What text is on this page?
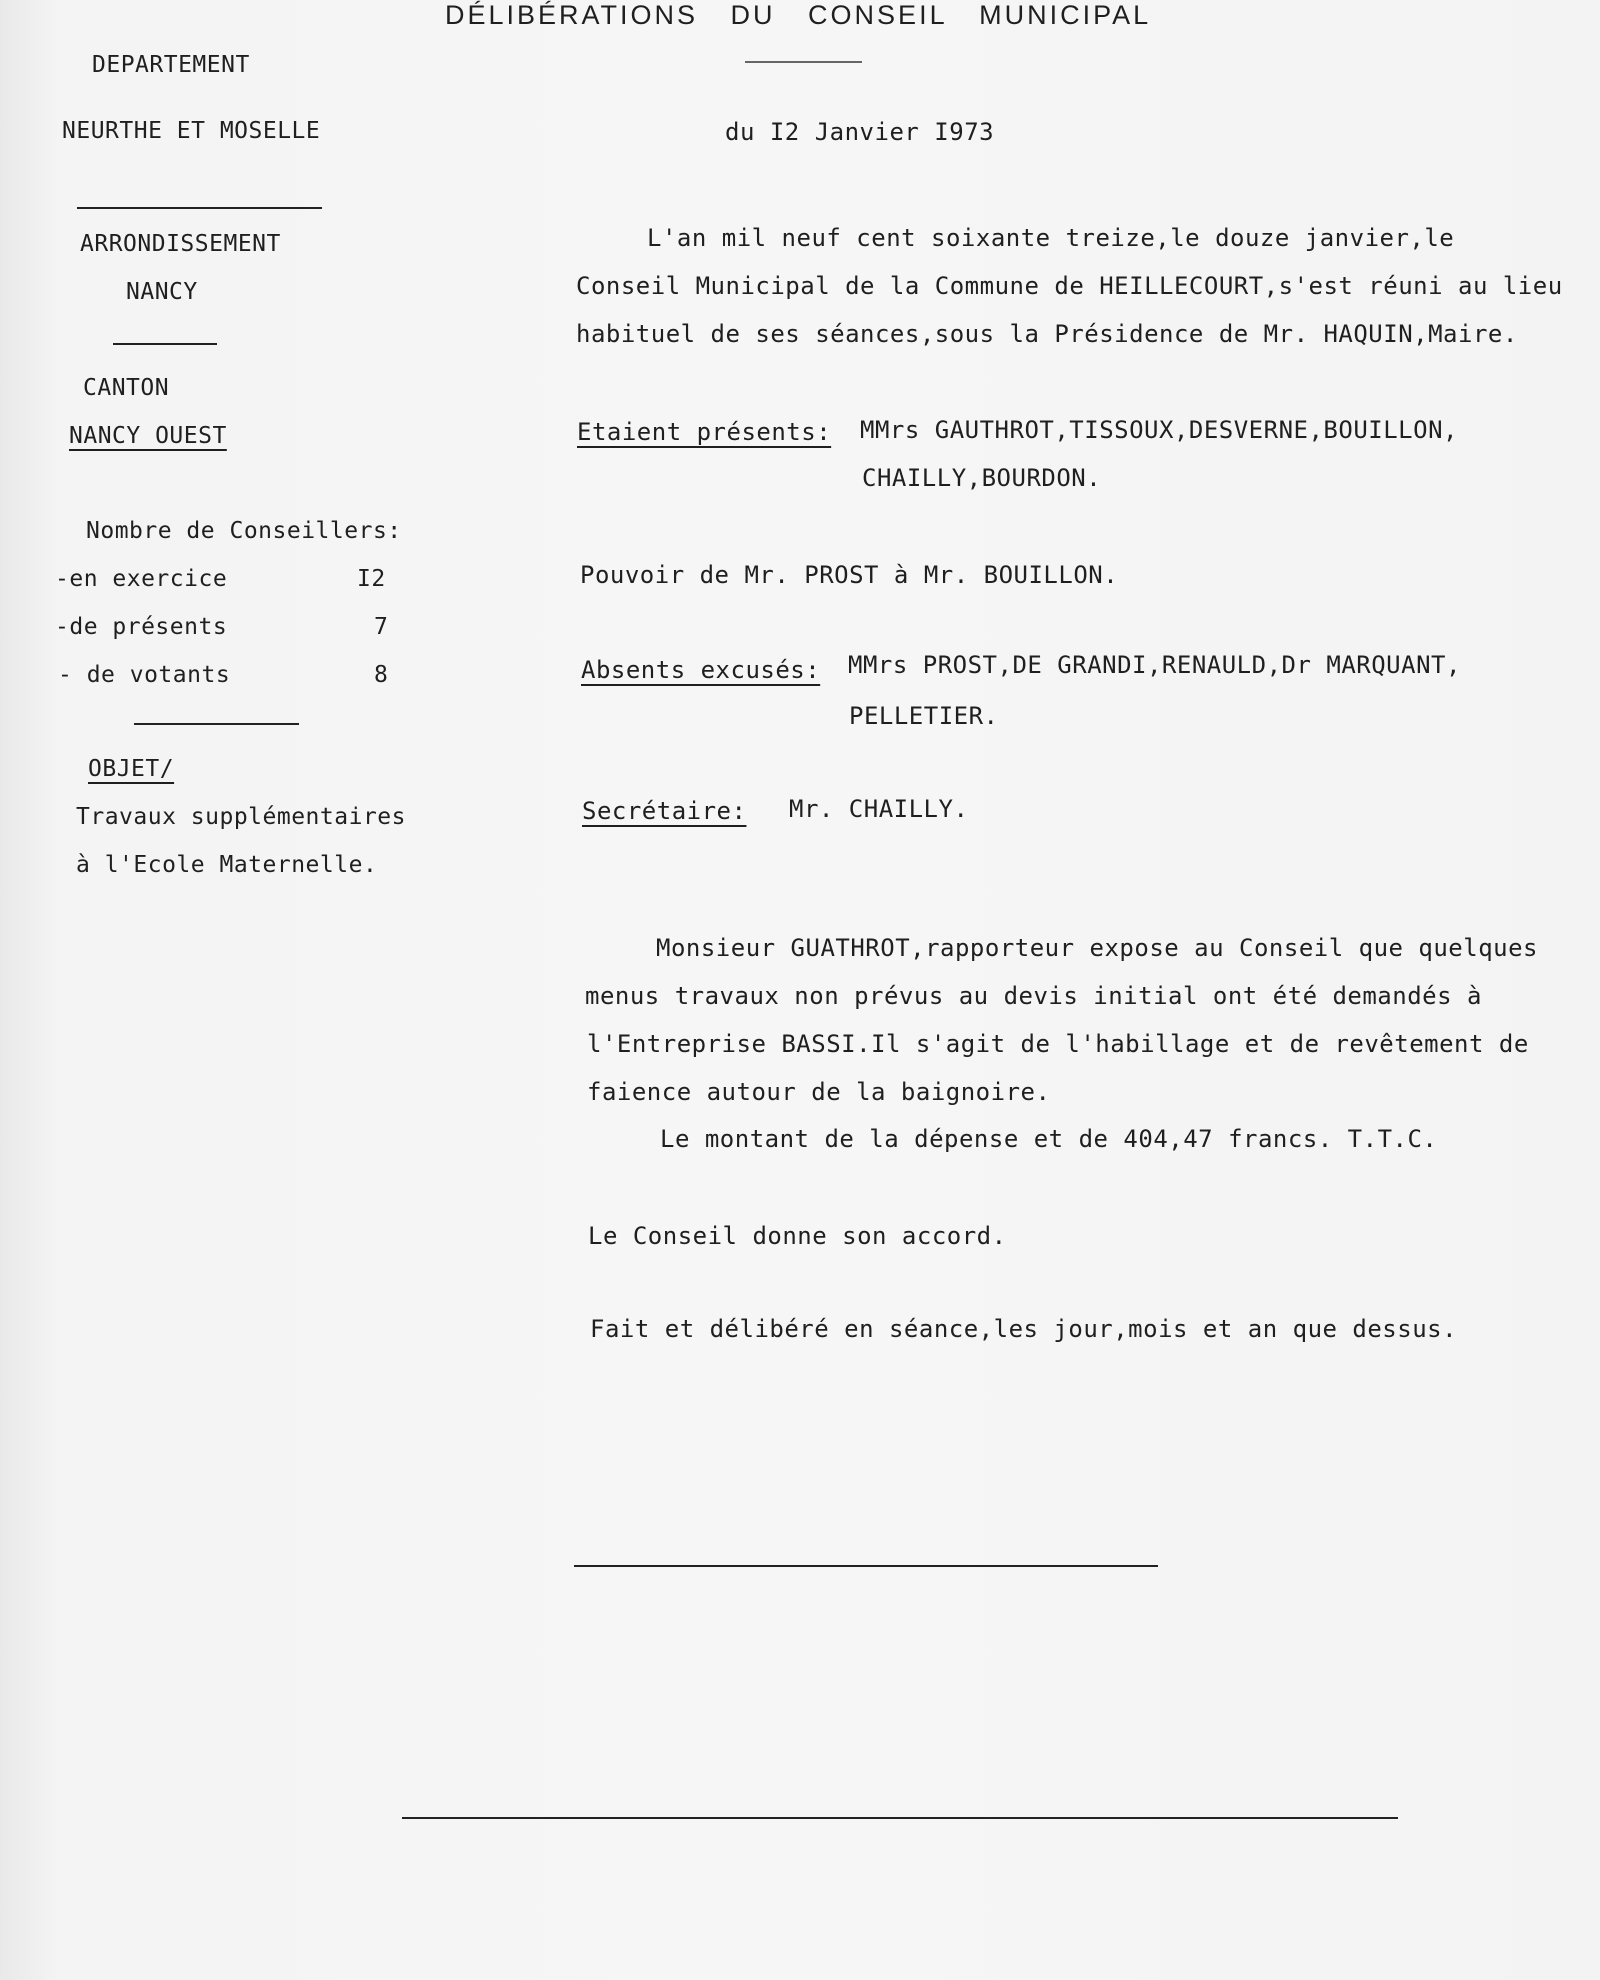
DÉLIBÉRATIONS DU CONSEIL MUNICIPAL
du I2 Janvier I973
DEPARTEMENT
NEURTHE ET MOSELLE
ARRONDISSEMENT
NANCY
CANTON
NANCY OUEST
Nombre de Conseillers:
-en exercice	I2
-de présents	7
- de votants	8
OBJET/
Travaux supplémentaires
à l'Ecole Maternelle.
L'an mil neuf cent soixante treize,le douze janvier,le
Conseil Municipal de la Commune de HEILLECOURT,s'est réuni au lieu
habituel de ses séances,sous la Présidence de Mr. HAQUIN,Maire.
Etaient présents: MMrs GAUTHROT,TISSOUX,DESVERNE,BOUILLON,
CHAILLY,BOURDON.
Pouvoir de Mr. PROST à Mr. BOUILLON.
Absents excusés: MMrs PROST,DE GRANDI,RENAULD,Dr MARQUANT,
PELLETIER.
Secrétaire: Mr. CHAILLY.
Monsieur GUATHROT,rapporteur expose au Conseil que quelques
menus travaux non prévus au devis initial ont été demandés à
l'Entreprise BASSI.Il s'agit de l'habillage et de revêtement de
faience autour de la baignoire.
Le montant de la dépense et de 404,47 francs. T.T.C.
Le Conseil donne son accord.
Fait et délibéré en séance,les jour,mois et an que dessus.
